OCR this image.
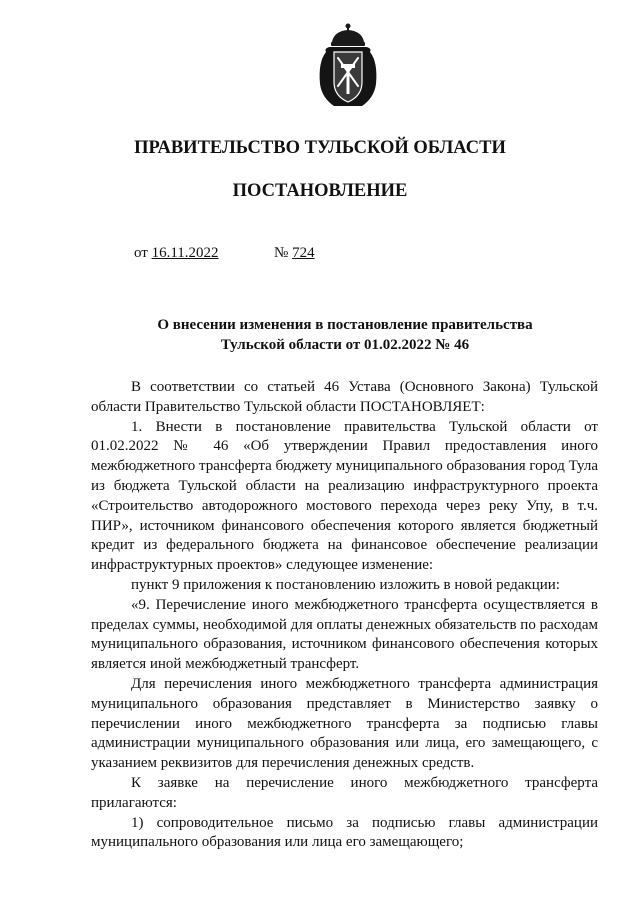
ПРАВИТЕЛЬСТВО ТУЛЬСКОЙ ОБЛАСТИ
ПОСТАНОВЛЕНИЕ
от 16.11.2022	№ 724
О внесении изменения в постановление правительства
Тульской области от 01.02.2022 № 46

В соответствии со статьей 46 Устава (Основного Закона) Тульской области Правительство Тульской области ПОСТАНОВЛЯЕТ:

1. Внести в постановление правительства Тульской области от 01.02.2022 № 46 «Об утверждении Правил предоставления иного межбюджетного трансферта бюджету муниципального образования город Тула из бюджета Тульской области на реализацию инфраструктурного проекта «Строительство автодорожного мостового перехода через реку Упу, в т.ч. ПИР», источником финансового обеспечения которого является бюджетный кредит из федерального бюджета на финансовое обеспечение реализации инфраструктурных проектов» следующее изменение:

пункт 9 приложения к постановлению изложить в новой редакции:

«9. Перечисление иного межбюджетного трансферта осуществляется в пределах суммы, необходимой для оплаты денежных обязательств по расходам муниципального образования, источником финансового обеспечения которых является иной межбюджетный трансферт.

Для перечисления иного межбюджетного трансферта администрация муниципального образования представляет в Министерство заявку о перечислении иного межбюджетного трансферта за подписью главы администрации муниципального образования или лица, его замещающего, с указанием реквизитов для перечисления денежных средств.

К заявке на перечисление иного межбюджетного трансферта прилагаются:

1) сопроводительное письмо за подписью главы администрации муниципального образования или лица его замещающего;
